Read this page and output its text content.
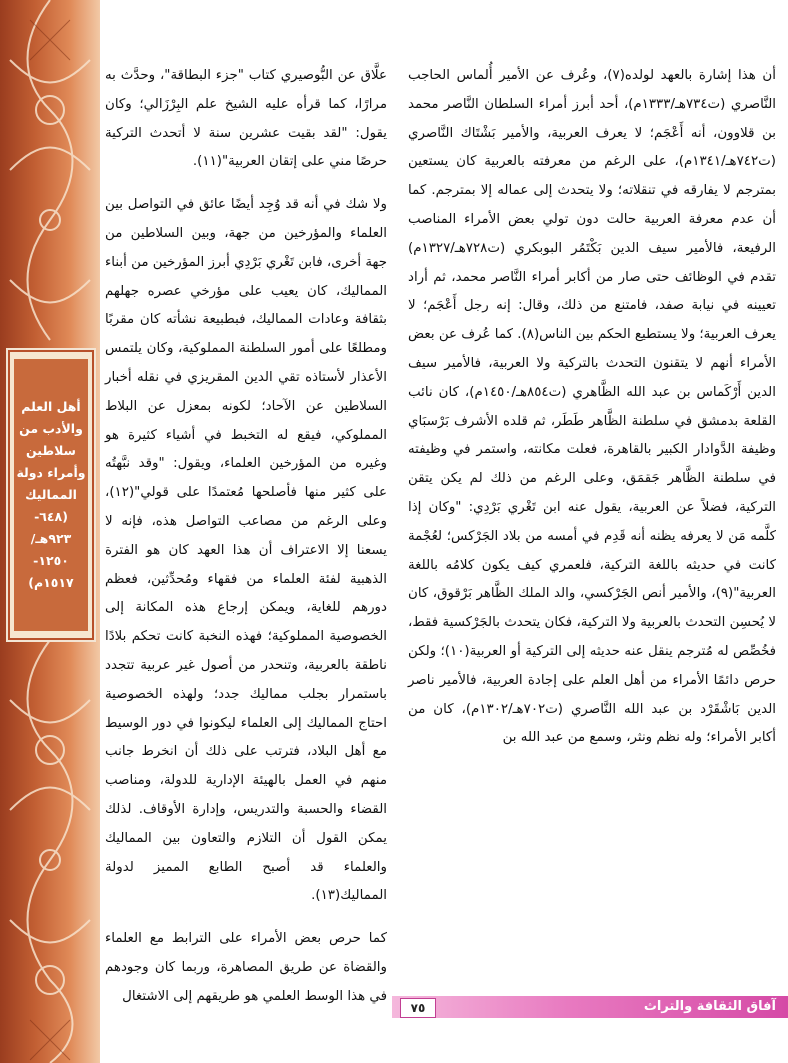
أهل العلم
والأدب من
سلاطين
وأمراء دولة
المماليك
(٦٤٨-
٩٢٣هـ/
١٢٥٠-
١٥١٧م)

أن هذا إشارة بالعهد لولده(٧)، وعُرف عن الأمير أُلماس الحاجب النَّاصري (ت٧٣٤هـ/١٣٣٣م)، أحد أبرز أمراء السلطان النَّاصر محمد بن قلاوون، أنه أَعْجَم؛ لا يعرف العربية، والأمير بَشْتَاك النَّاصري (ت٧٤٢هـ/١٣٤١م)، على الرغم من معرفته بالعربية كان يستعين بمترجم لا يفارقه في تنقلاته؛ ولا يتحدث إلى عماله إلا بمترجم. كما أن عدم معرفة العربية حالت دون تولي بعض الأمراء المناصب الرفيعة، فالأمير سيف الدين بَكْتَمُر البوبكري (ت٧٢٨هـ/١٣٢٧م) تقدم في الوظائف حتى صار من أكابر أمراء النَّاصر محمد، ثم أراد تعيينه في نيابة صفد، فامتنع من ذلك، وقال: إنه رجل أَعْجَم؛ لا يعرف العربية؛ ولا يستطيع الحكم بين الناس(٨). كما عُرف عن بعض الأمراء أنهم لا يتقنون التحدث بالتركية ولا العربية، فالأمير سيف الدين أَرْكَماس بن عبد الله الظَّاهري (ت٨٥٤هـ/١٤٥٠م)، كان نائب القلعة بدمشق في سلطنة الظَّاهر طَطَر، ثم قلده الأشرف بَرْسبَاي وظيفة الدَّوادار الكبير بالقاهرة، فعلت مكانته، واستمر في وظيفته في سلطنة الظَّاهر جَقمَق، وعلى الرغم من ذلك لم يكن يتقن التركية، فضلاً عن العربية، يقول عنه ابن تَغْري بَرْدِي: "وكان إذا كلَّمه مَن لا يعرفه يظنه أنه قَدِم في أمسه من بلاد الجَرْكس؛ لعُجْمة كانت في حديثه باللغة التركية، فلعمري كيف يكون كلامُه باللغة العربية"(٩)، والأمير أنص الجَرْكسي، والد الملك الظَّاهر بَرْقوق، كان لا يُحسِن التحدث بالعربية ولا التركية، فكان يتحدث بالجَرْكسية فقط، فخُصِّص له مُترجم ينقل عنه حديثه إلى التركية أو العربية(١٠)؛ ولكن حرص دائمًا الأمراء من أهل العلم على إجادة العربية، فالأمير ناصر الدين بَاشْقَرْد بن عبد الله النَّاصري (ت٧٠٢هـ/١٣٠٢م)، كان من أكابر الأمراء؛ وله نظم ونثر، وسمع من عبد الله بن

علَّاق عن البُّوصيري كتاب "جزء البطاقة"، وحدَّث به مرارًا، كما قرأه عليه الشيخ علم البِرْزَالي؛ وكان يقول: "لقد بقيت عشرين سنة لا أتحدث التركية حرصًا مني على إتقان العربية"(١١).

ولا شك في أنه قد وُجِد أيضًا عائق في التواصل بين العلماء والمؤرخين من جهة، وبين السلاطين من جهة أخرى، فابن تَغْري بَرْدِي أبرز المؤرخين من أبناء المماليك، كان يعيب على مؤرخي عصره جهلهم بثقافة وعادات المماليك، فبطبيعة نشأته كان مقربًا ومطلعًا على أمور السلطنة المملوكية، وكان يلتمس الأعذار لأستاذه تقي الدين المقريزي في نقله أخبار السلاطين عن الآحاد؛ لكونه بمعزل عن البلاط المملوكي، فيقع له التخبط في أشياء كثيرة هو وغيره من المؤرخين العلماء، ويقول: "وقد نبَّهتُه على كثير منها فأصلحها مُعتمدًا على قولي"(١٢)، وعلى الرغم من مصاعب التواصل هذه، فإنه لا يسعنا إلا الاعتراف أن هذا العهد كان هو الفترة الذهبية لفئة العلماء من فقهاء ومُحدِّثين، فعظم دورهم للغاية، ويمكن إرجاع هذه المكانة إلى الخصوصية المملوكية؛ فهذه النخبة كانت تحكم بلادًا ناطقة بالعربية، وتنحدر من أصول غير عربية تتجدد باستمرار بجلب مماليك جدد؛ ولهذه الخصوصية احتاج المماليك إلى العلماء ليكونوا في دور الوسيط مع أهل البلاد، فترتب على ذلك أن انخرط جانب منهم في العمل بالهيئة الإدارية للدولة، ومناصب القضاء والحسبة والتدريس، وإدارة الأوقاف. لذلك يمكن القول أن التلازم والتعاون بين المماليك والعلماء قد أصبح الطابع المميز لدولة المماليك(١٣).

كما حرص بعض الأمراء على الترابط مع العلماء والقضاة عن طريق المصاهرة، وربما كان وجودهم في هذا الوسط العلمي هو طريقهم إلى الاشتغال

آفاق الثقافة والتراث
٧٥
